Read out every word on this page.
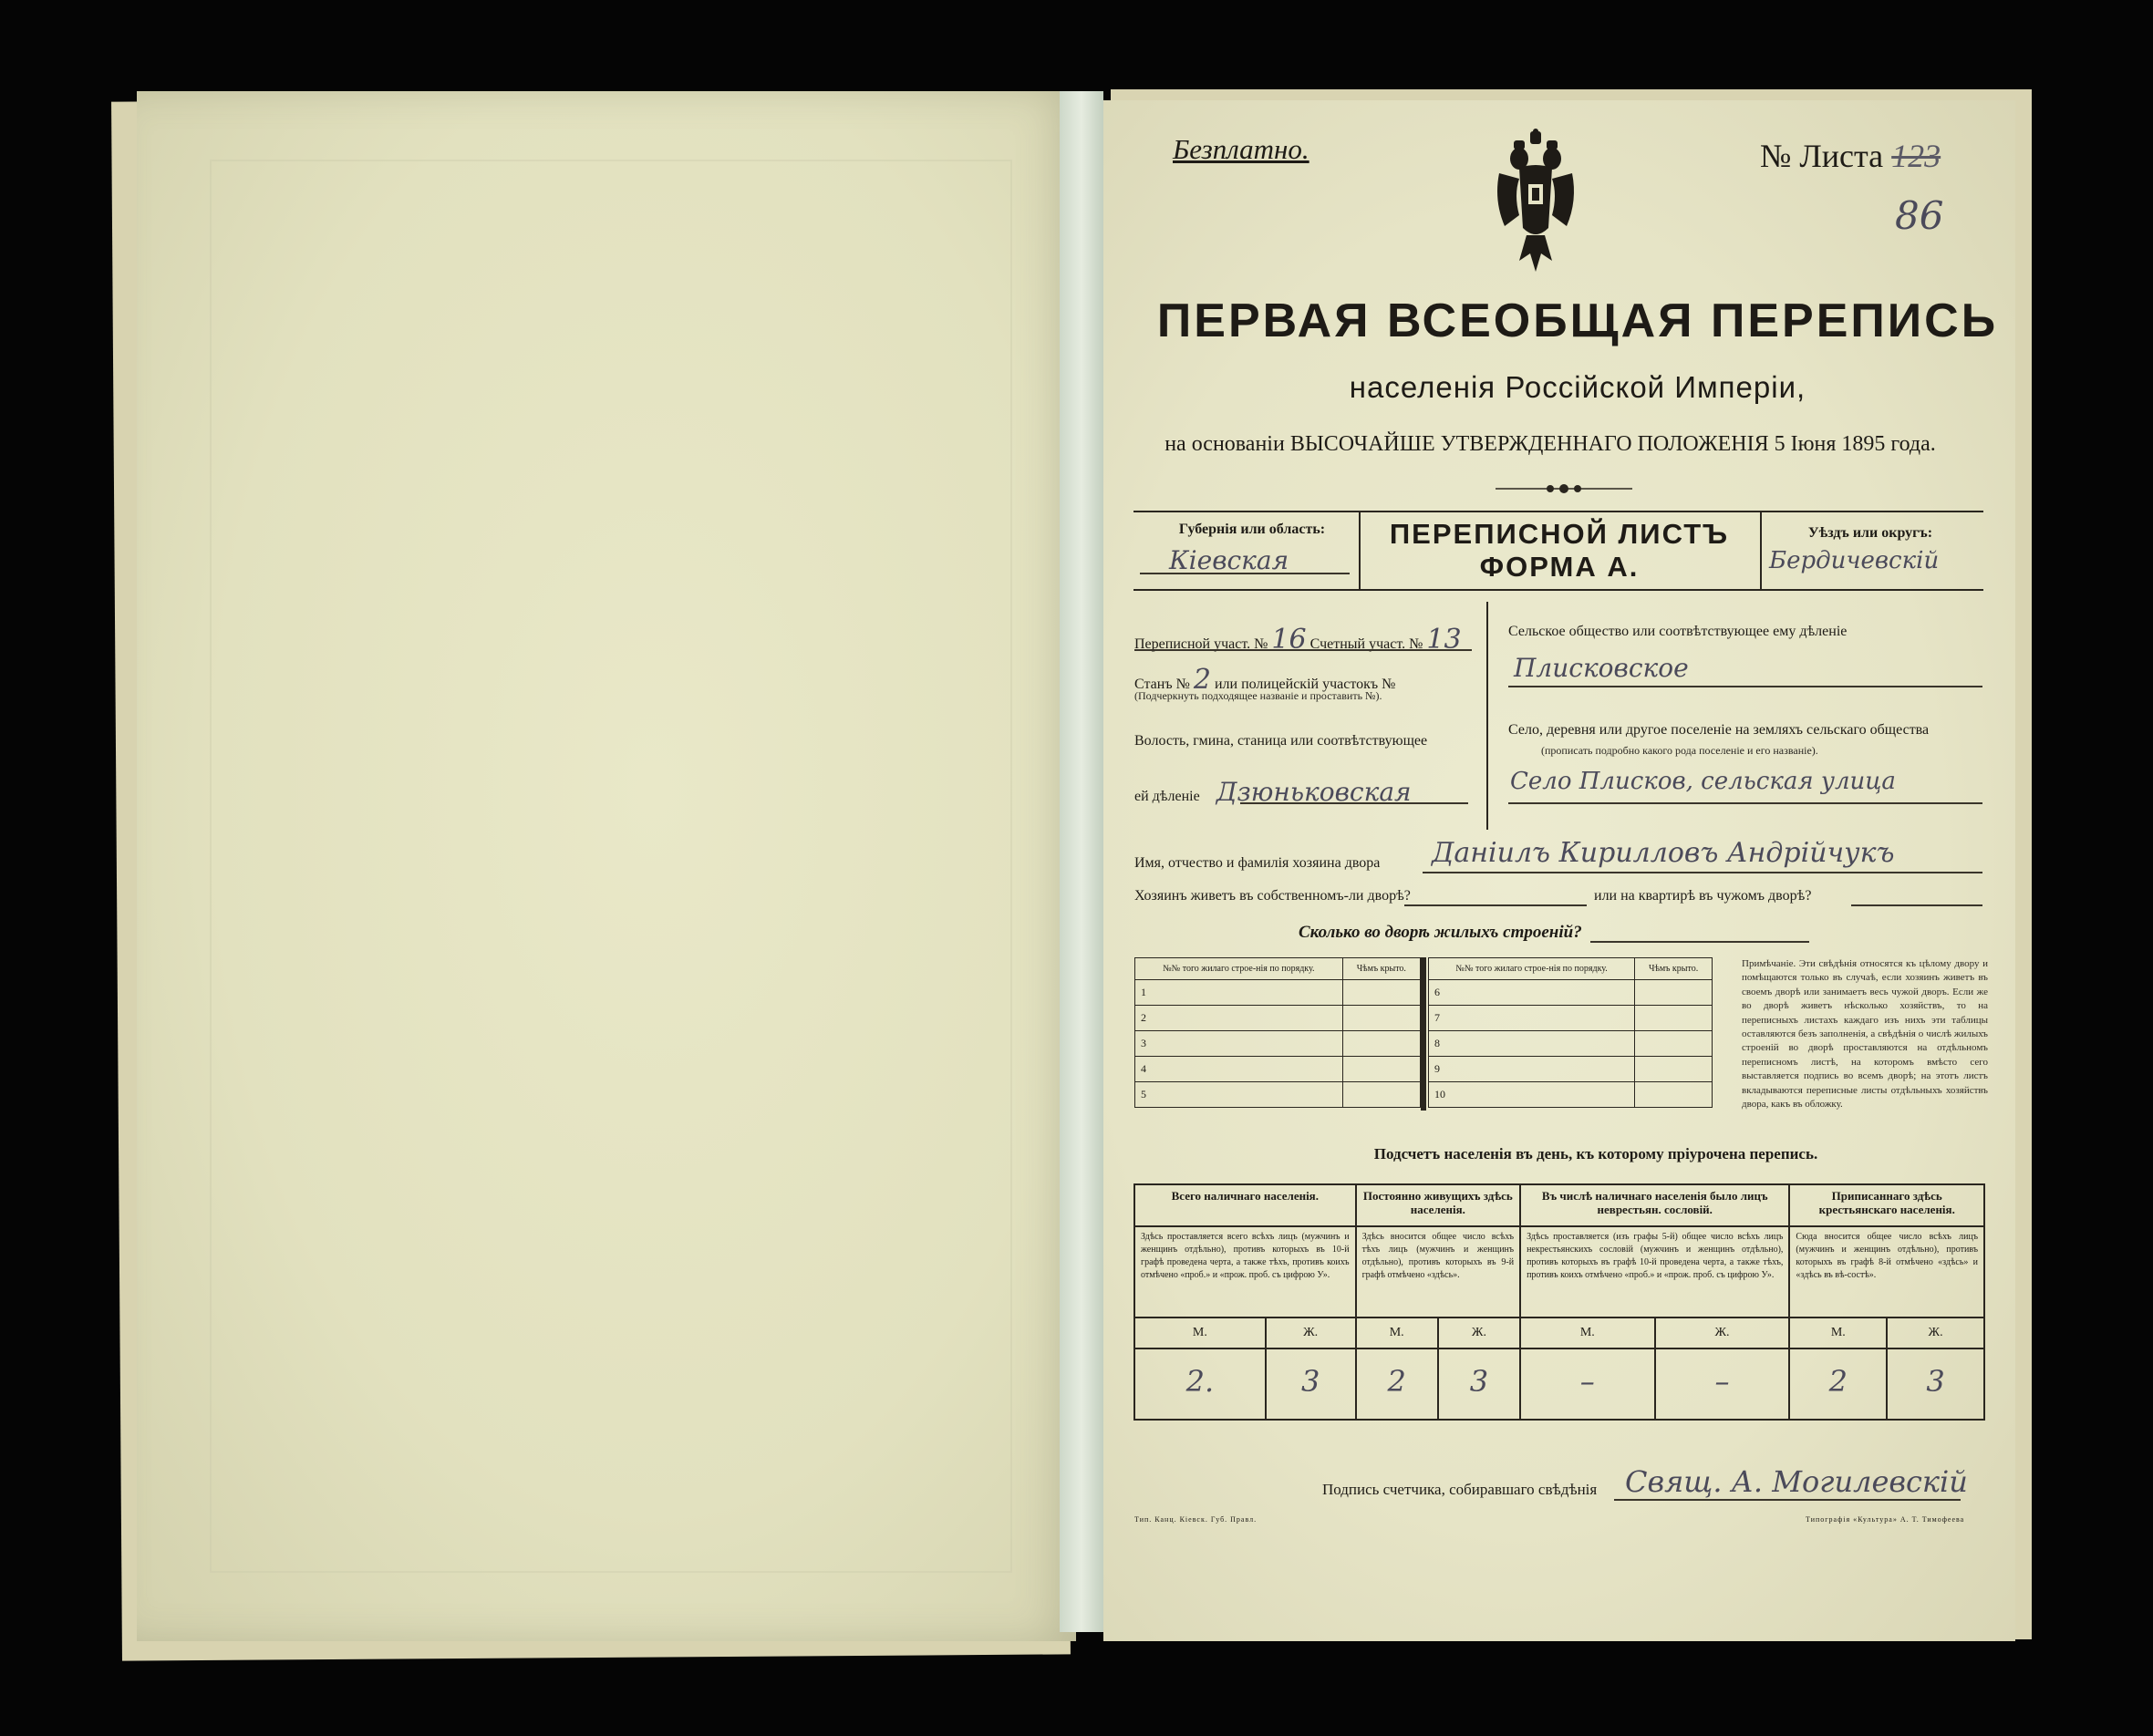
Безплатно.	№ Листа 123
86
ПЕРВАЯ ВСЕОБЩАЯ ПЕРЕПИСЬ
населенія Россійской Имперіи,
на основаніи ВЫСОЧАЙШЕ УТВЕРЖДЕННАГО ПОЛОЖЕНІЯ 5 Іюня 1895 года.
Губернія или область:
Кіевская
ПЕРЕПИСНОЙ ЛИСТЪ
ФОРМА А.
Уѣздъ или округъ:
Бердичевскій
Переписной участ. № 16 Счетный участ. № 13
Станъ № 2 или полицейскій участокъ №
(Подчеркнуть подходящее названіе и проставить №).
Волость, гмина, станица или соотвѣтствующее
ей дѣленіе Дзюньковская
Сельское общество или соотвѣтствующее ему дѣленіе
Плисковское
Село, деревня или другое поселеніе на земляхъ сельскаго общества
(прописать подробно какого рода поселеніе и его названіе).
Село Плисков, сельская улица
Имя, отчество и фамилія хозяина двора Даніилъ Кирилловъ Андрійчукъ
Хозяинъ живетъ въ собственномъ-ли дворѣ?	или на квартирѣ въ чужомъ дворѣ?
Сколько во дворѣ жилыхъ строеній?
№№ того жилаго строе-нія по порядку.	Чѣмъ крыто.
1	
2	
3	
4	
5	
№№ того жилаго строе-нія по порядку.	Чѣмъ крыто.
6	
7	
8	
9	
10	
Примѣчаніе. Эти свѣдѣнія относятся къ цѣлому двору и помѣщаются только въ случаѣ, если хозяинъ живетъ въ своемъ дворѣ или занимаетъ весь чужой дворъ. Если же во дворѣ живетъ нѣсколько хозяйствъ, то на переписныхъ листахъ каждаго изъ нихъ эти таблицы оставляются безъ заполненія, а свѣдѣнія о числѣ жилыхъ строеній во дворѣ проставляются на отдѣльномъ переписномъ листѣ, на которомъ вмѣсто сего выставляется подпись во всемъ дворѣ; на этотъ листъ вкладываются переписные листы отдѣльныхъ хозяйствъ двора, какъ въ обложку.
Подсчетъ населенія въ день, къ которому пріурочена перепись.
Всего наличнаго населенія.		Постоянно живущихъ здѣсь населенія.		Въ числѣ наличнаго населенія было лицъ неврестьян. сословій.		Приписаннаго здѣсь крестьянскаго населенія.	
Здѣсь проставляется всего всѣхъ лицъ (мужчинъ и женщинъ отдѣльно), противъ которыхъ въ 10-й графѣ проведена черта, а также тѣхъ, противъ коихъ отмѣчено «проб.» и «прож. проб. съ цифрою У».		Здѣсь вносится общее число всѣхъ тѣхъ лицъ (мужчинъ и женщинъ отдѣльно), противъ которыхъ въ 9-й графѣ отмѣчено «здѣсь».		Здѣсь проставляется (изъ графы 5-й) общее число всѣхъ лицъ некрестьянскихъ сословій (мужчинъ и женщинъ отдѣльно), противъ которыхъ въ графѣ 10-й проведена черта, а также тѣхъ, противъ коихъ отмѣчено «проб.» и «прож. проб. съ цифрою У».		Сюда вносится общее число всѣхъ лицъ (мужчинъ и женщинъ отдѣльно), противъ которыхъ въ графѣ 8-й отмѣчено «здѣсь» и «здѣсь въ вѣ-состѣ».	
М.	Ж.	М.	Ж.	М.	Ж.	М.	Ж.
2.	3	2	3	–	–	2	3
Подпись счетчика, собиравшаго свѣдѣнія Свящ. А. Могилевскій
Тип. Канц. Кіевск. Губ. Правл.	Типографія «Культура» А. Т. Тимофеева
